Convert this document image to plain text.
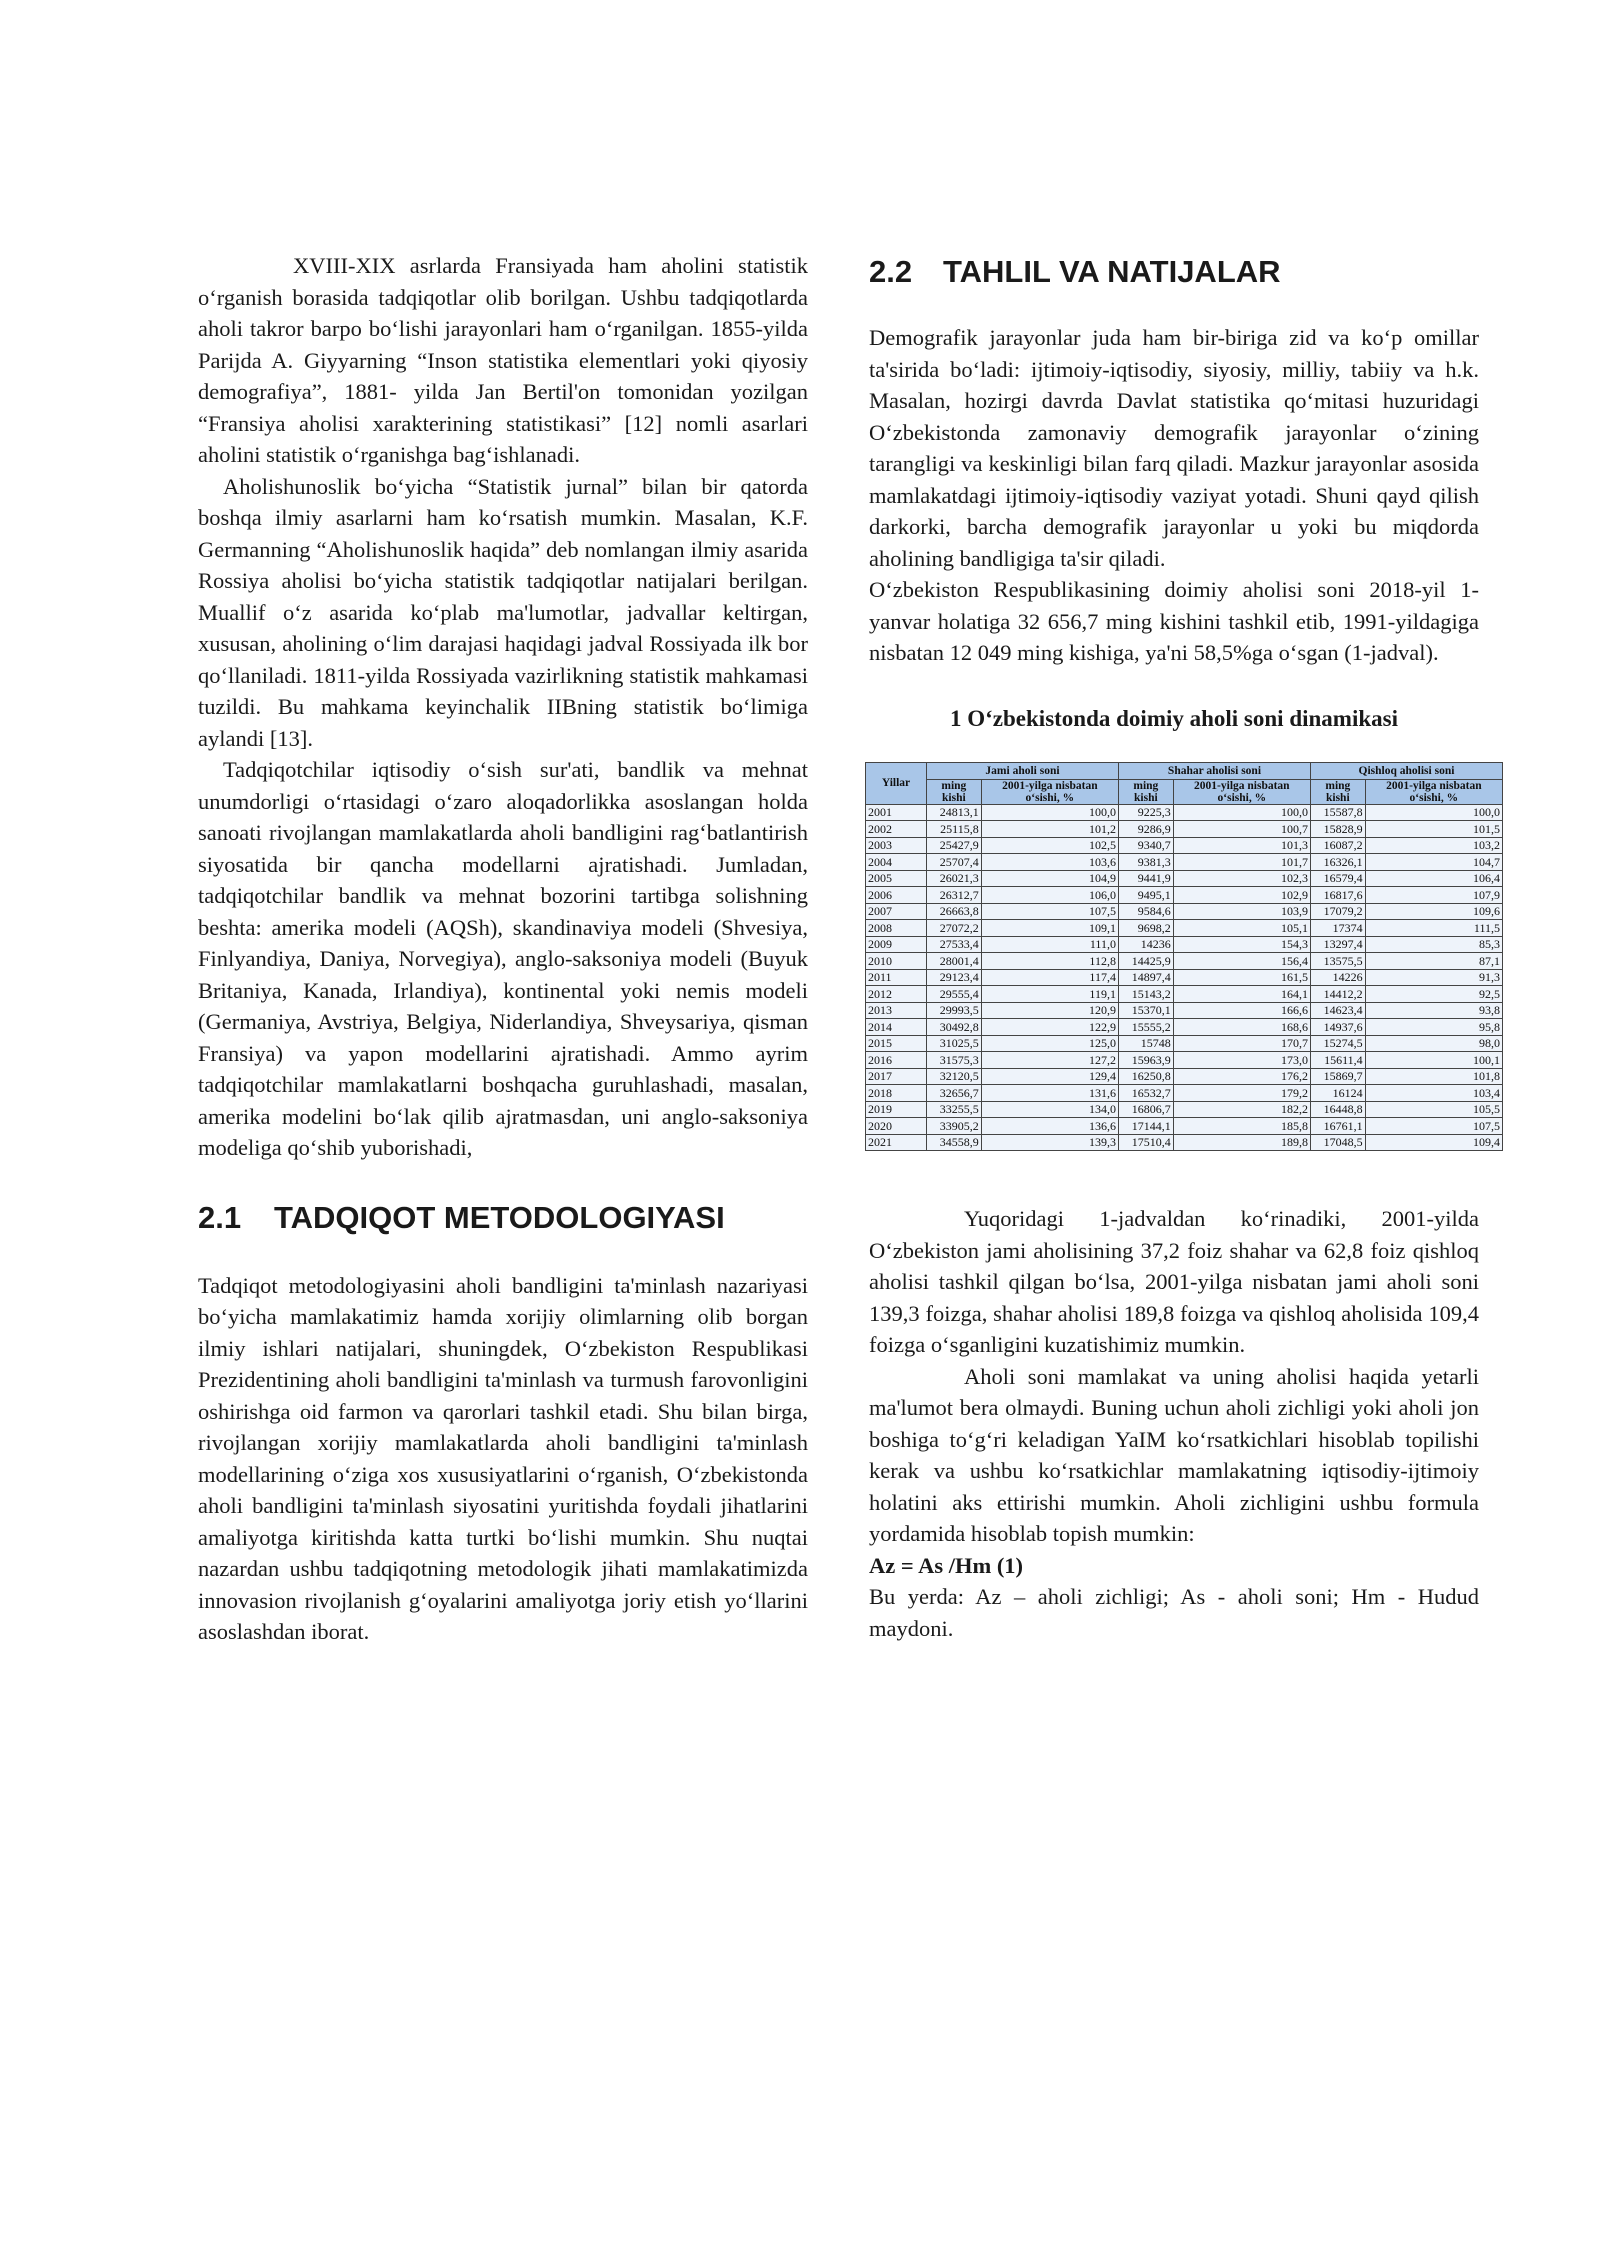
XVIII-XIX asrlarda Fransiyada ham aholini statistik o‘rganish borasida tadqiqotlar olib borilgan. Ushbu tadqiqotlarda aholi takror barpo bo‘lishi jarayonlari ham o‘rganilgan. 1855-yilda Parijda A. Giyyarning “Inson statistika elementlari yoki qiyosiy demografiya”, 1881- yilda Jan Bertil'on tomonidan yozilgan “Fransiya aholisi xarakterining statistikasi” [12] nomli asarlari aholini statistik o‘rganishga bag‘ishlanadi.

Aholishunoslik bo‘yicha “Statistik jurnal” bilan bir qatorda boshqa ilmiy asarlarni ham ko‘rsatish mumkin. Masalan, K.F. Germanning “Aholishunoslik haqida” deb nomlangan ilmiy asarida Rossiya aholisi bo‘yicha statistik tadqiqotlar natijalari berilgan. Muallif o‘z asarida ko‘plab ma'lumotlar, jadvallar keltirgan, xususan, aholining o‘lim darajasi haqidagi jadval Rossiyada ilk bor qo‘llaniladi. 1811-yilda Rossiyada vazirlikning statistik mahkamasi tuzildi. Bu mahkama keyinchalik IIBning statistik bo‘limiga aylandi [13].

Tadqiqotchilar iqtisodiy o‘sish sur'ati, bandlik va mehnat unumdorligi o‘rtasidagi o‘zaro aloqadorlikka asoslangan holda sanoati rivojlangan mamlakatlarda aholi bandligini rag‘batlantirish siyosatida bir qancha modellarni ajratishadi. Jumladan, tadqiqotchilar bandlik va mehnat bozorini tartibga solishning beshta: amerika modeli (AQSh), skandinaviya modeli (Shvesiya, Finlyandiya, Daniya, Norvegiya), anglo-saksoniya modeli (Buyuk Britaniya, Kanada, Irlandiya), kontinental yoki nemis modeli (Germaniya, Avstriya, Belgiya, Niderlandiya, Shveysariya, qisman Fransiya) va yapon modellarini ajratishadi. Ammo ayrim tadqiqotchilar mamlakatlarni boshqacha guruhlashadi, masalan, amerika modelini bo‘lak qilib ajratmasdan, uni anglo-saksoniya modeliga qo‘shib yuborishadi,

2.1	TADQIQOT METODOLOGIYASI

Tadqiqot metodologiyasini aholi bandligini ta'minlash nazariyasi bo‘yicha mamlakatimiz hamda xorijiy olimlarning olib borgan ilmiy ishlari natijalari, shuningdek, O‘zbekiston Respublikasi Prezidentining aholi bandligini ta'minlash va turmush farovonligini oshirishga oid farmon va qarorlari tashkil etadi. Shu bilan birga, rivojlangan xorijiy mamlakatlarda aholi bandligini ta'minlash modellarining o‘ziga xos xususiyatlarini o‘rganish, O‘zbekistonda aholi bandligini ta'minlash siyosatini yuritishda foydali jihatlarini amaliyotga kiritishda katta turtki bo‘lishi mumkin. Shu nuqtai nazardan ushbu tadqiqotning metodologik jihati mamlakatimizda innovasion rivojlanish g‘oyalarini amaliyotga joriy etish yo‘llarini asoslashdan iborat.

2.2 TAHLIL VA NATIJALAR

Demografik jarayonlar juda ham bir-biriga zid va ko‘p omillar ta'sirida bo‘ladi: ijtimoiy-iqtisodiy, siyosiy, milliy, tabiiy va h.k. Masalan, hozirgi davrda Davlat statistika qo‘mitasi huzuridagi O‘zbekistonda zamonaviy demografik jarayonlar o‘zining tarangligi va keskinligi bilan farq qiladi. Mazkur jarayonlar asosida mamlakatdagi ijtimoiy-iqtisodiy vaziyat yotadi. Shuni qayd qilish darkorki, barcha demografik jarayonlar u yoki bu miqdorda aholining bandligiga ta'sir qiladi.

O‘zbekiston Respublikasining doimiy aholisi soni 2018-yil 1-yanvar holatiga 32 656,7 ming kishini tashkil etib, 1991-yildagiga nisbatan 12 049 ming kishiga, ya'ni 58,5%ga o‘sgan (1-jadval).

1 O‘zbekistonda doimiy aholi soni dinamikasi
Yillar	Jami aholi soni		Shahar aholisi soni		Qishloq aholisi soni	
	ming kishi	2001-yilga nisbatan o‘sishi, %	ming kishi	2001-yilga nisbatan o‘sishi, %	ming kishi	2001-yilga nisbatan o‘sishi, %
2001	24813,1	100,0	9225,3	100,0	15587,8	100,0
2002	25115,8	101,2	9286,9	100,7	15828,9	101,5
2003	25427,9	102,5	9340,7	101,3	16087,2	103,2
2004	25707,4	103,6	9381,3	101,7	16326,1	104,7
2005	26021,3	104,9	9441,9	102,3	16579,4	106,4
2006	26312,7	106,0	9495,1	102,9	16817,6	107,9
2007	26663,8	107,5	9584,6	103,9	17079,2	109,6
2008	27072,2	109,1	9698,2	105,1	17374	111,5
2009	27533,4	111,0	14236	154,3	13297,4	85,3
2010	28001,4	112,8	14425,9	156,4	13575,5	87,1
2011	29123,4	117,4	14897,4	161,5	14226	91,3
2012	29555,4	119,1	15143,2	164,1	14412,2	92,5
2013	29993,5	120,9	15370,1	166,6	14623,4	93,8
2014	30492,8	122,9	15555,2	168,6	14937,6	95,8
2015	31025,5	125,0	15748	170,7	15274,5	98,0
2016	31575,3	127,2	15963,9	173,0	15611,4	100,1
2017	32120,5	129,4	16250,8	176,2	15869,7	101,8
2018	32656,7	131,6	16532,7	179,2	16124	103,4
2019	33255,5	134,0	16806,7	182,2	16448,8	105,5
2020	33905,2	136,6	17144,1	185,8	16761,1	107,5
2021	34558,9	139,3	17510,4	189,8	17048,5	109,4

Yuqoridagi 1-jadvaldan ko‘rinadiki, 2001-yilda O‘zbekiston jami aholisining 37,2 foiz shahar va 62,8 foiz qishloq aholisi tashkil qilgan bo‘lsa, 2001-yilga nisbatan jami aholi soni 139,3 foizga, shahar aholisi 189,8 foizga va qishloq aholisida 109,4 foizga o‘sganligini kuzatishimiz mumkin.

Aholi soni mamlakat va uning aholisi haqida yetarli ma'lumot bera olmaydi. Buning uchun aholi zichligi yoki aholi jon boshiga to‘g‘ri keladigan YaIM ko‘rsatkichlari hisoblab topilishi kerak va ushbu ko‘rsatkichlar mamlakatning iqtisodiy-ijtimoiy holatini aks ettirishi mumkin. Aholi zichligini ushbu formula yordamida hisoblab topish mumkin:

Az = As /Hm (1)

Bu yerda: Az – aholi zichligi; As - aholi soni; Hm - Hudud maydoni.
